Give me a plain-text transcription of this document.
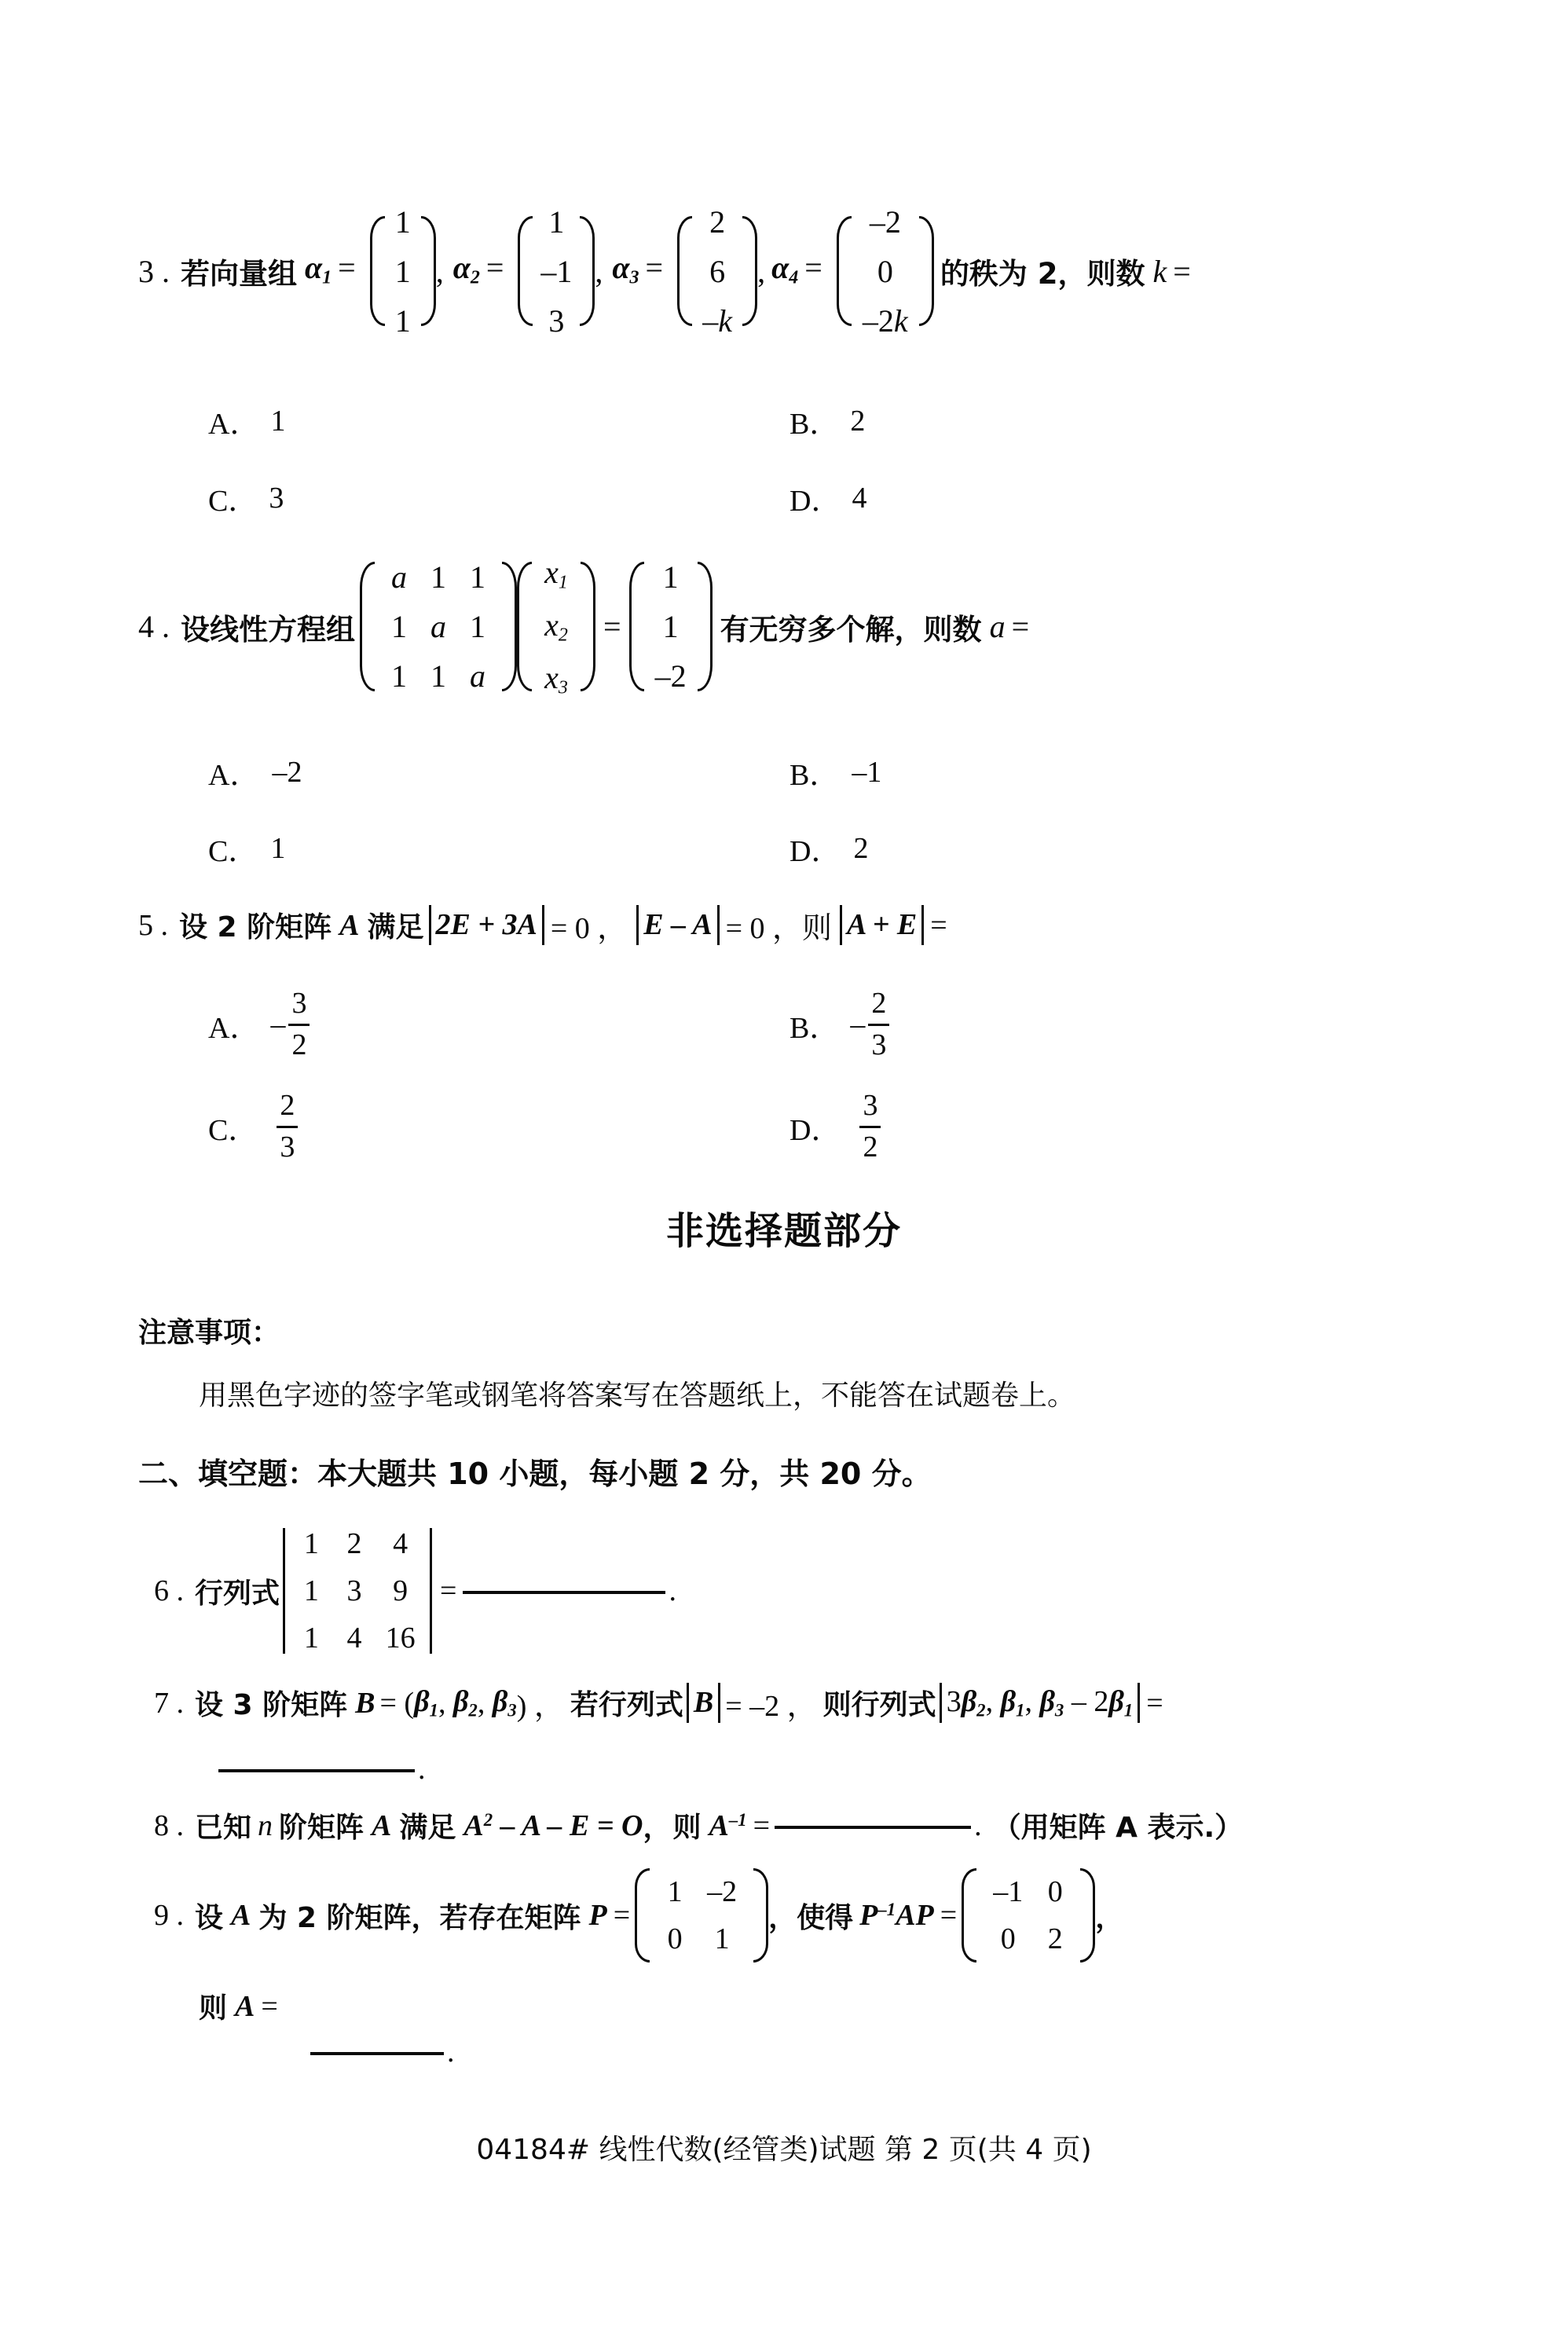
3 . 若向量组 $\alpha_1$ =
1
1
1
, $\alpha_2$ =
1
–1
3
, $\alpha_3$ =
2
6
–k
, $\alpha_4$ =
–2
0
–2k
的秩为 2，则数 k =
A． 1	B． 2
C． 3	D． 4
4 . 设线性方程组
a 1 1
1 a 1
1 1 a
$x_1$
$x_2$
$x_3$
=
1
1
–2
有无穷多个解，则数 a =
A． –2	B． –1
C． 1	D． 2
5 . 设 2 阶矩阵 A 满足 2E + 3A = 0 ， E – A = 0 ，则 A + E =
A． – $\frac{3}{2}$	B． – $\frac{2}{3}$
C． $\frac{2}{3}$	D． $\frac{3}{2}$
非选择题部分
注意事项：
用黑色字迹的签字笔或钢笔将答案写在答题纸上，不能答在试题卷上。
二、填空题：本大题共 10 小题，每小题 2 分，共 20 分。
6 . 行列式
1 2	4
1 3	9
1 4 16
=	.
7 . 设 3 阶矩阵 B = ( $\beta_1$ , $\beta_2$ , $\beta_3$ ) ， 若行列式 B = –2 ， 则行列式 $3\beta_2$, $\beta_1$, $\beta_3 - 2\beta_1$ =
.
8 . 已知 n 阶矩阵 A 满足 $A^2 - A - E = O$ ， 则 $A^{-1}$ =	. （用矩阵 A 表示.）
9 . 设 A 为 2 阶矩阵，若存在矩阵 P =
1 –2
0	1
，使得 $P^{-1}AP$ =
–1 0
0	2
，
则 A =
.
04184# 线性代数(经管类)试题 第 2 页(共 4 页)
